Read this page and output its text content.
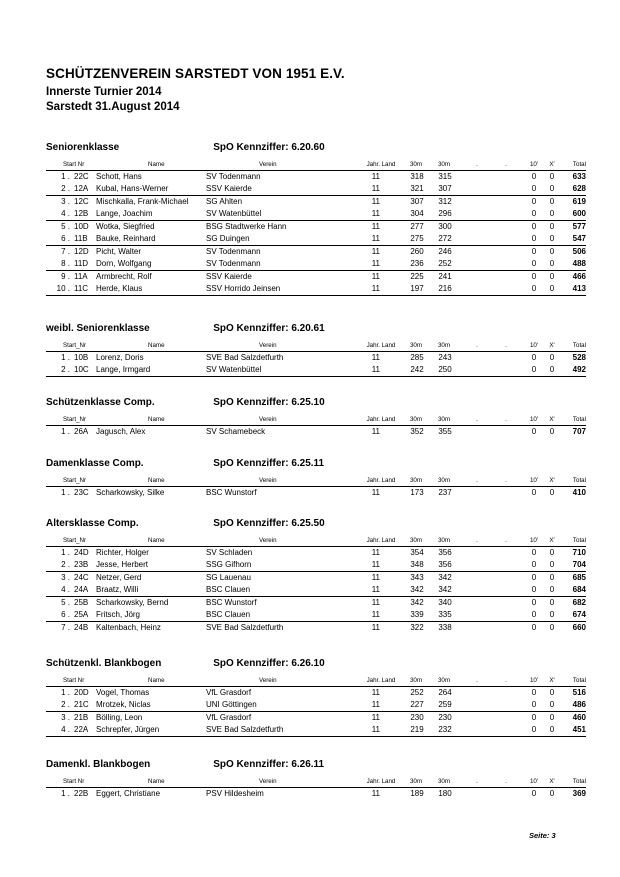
SCHÜTZENVEREIN SARSTEDT VON 1951 E.V.
Innerste Turnier 2014
Sarstedt 31.August 2014
Seniorenklasse	SpO Kennziffer: 6.20.60
Start Nr	Name	Verein	Jahr. Land	30m	30m	.	.	10'	X'	Total
1 . 22C Schott, Hans	SV Todenmann	11	318 315	0	0	633
2 . 12A Kubal, Hans-Werner	SSV Kaierde	11	321 307	0	0	628
3 . 12C Mischkalla, Frank-Michael	SG Ahlten	11	307 312	0	0	619
4 . 12B Lange, Joachim	SV Watenbüttel	11	304 296	0	0	600
5 . 10D Wotka, Siegfried	BSG Stadtwerke Hann	11	277 300	0	0	577
6 . 11B Bauke, Reinhard	SG Duingen	11	275 272	0	0	547
7 . 12D Picht, Walter	SV Todenmann	11	260 246	0	0	506
8 . 11D Dorn, Wolfgang	SV Todenmann	11	236 252	0	0	488
9 . 11A Armbrecht, Rolf	SSV Kaierde	11	225 241	0	0	466
10 . 11C Herde, Klaus	SSV Horrido Jeinsen	11	197 216	0	0	413
weibl. Seniorenklasse	SpO Kennziffer: 6.20.61
Start_Nr	Name	Verein	Jahr. Land	30m	30m	.	.	10'	X'	Total
1 . 10B Lorenz, Doris	SVE Bad Salzdetfurth	11	285 243	0	0	528
2 . 10C Lange, Irmgard	SV Watenbüttel	11	242 250	0	0	492
Schützenklasse Comp.	SpO Kennziffer: 6.25.10
Start_Nr	Name	Verein	Jahr. Land	30m	30m	.	.	10'	X'	Total
1 . 26A Jagusch, Alex	SV Schamebeck	11	352 355	0	0	707
Damenklasse Comp.	SpO Kennziffer: 6.25.11
Start_Nr	Name	Verein	Jahr. Land	30m	30m	.	.	10'	X'	Total
1 . 23C Scharkowsky, Silke	BSC Wunstorf	11	173 237	0	0	410
Altersklasse Comp.	SpO Kennziffer: 6.25.50
Start_Nr	Name	Verein	Jahr. Land	30m	30m	.	.	10'	X'	Total
1 . 24D Richter, Holger	SV Schladen	11	354 356	0	0	710
2 . 23B Jesse, Herbert	SSG Gifhorn	11	348 356	0	0	704
3 . 24C Netzer, Gerd	SG Lauenau	11	343 342	0	0	685
4 . 24A Braatz, Willi	BSC Clauen	11	342 342	0	0	684
5 . 25B Scharkowsky, Bernd	BSC Wunstorf	11	342 340	0	0	682
6 . 25A Fritsch, Jörg	BSC Clauen	11	339 335	0	0	674
7 . 24B Kaltenbach, Heinz	SVE Bad Salzdetfurth	11	322 338	0	0	660
Schützenkl. Blankbogen	SpO Kennziffer: 6.26.10
Start Nr	Name	Verein	Jahr. Land	30m	30m	.	.	10'	X'	Total
1 . 20D Vogel, Thomas	VfL Grasdorf	11	252 264	0	0	516
2 . 21C Mrotzek, Niclas	UNI Göttingen	11	227 259	0	0	486
3 . 21B Bölling, Leon	VfL Grasdorf	11	230 230	0	0	460
4 . 22A Schrepfer, Jürgen	SVE Bad Salzdetfurth	11	219 232	0	0	451
Damenkl. Blankbogen	SpO Kennziffer: 6.26.11
Start Nr	Name	Verein	Jahr. Land	30m	30m	.	.	10'	X'	Total
1 . 22B Eggert, Christiane	PSV Hildesheim	11	189 180	0	0	369
Seite: 3
